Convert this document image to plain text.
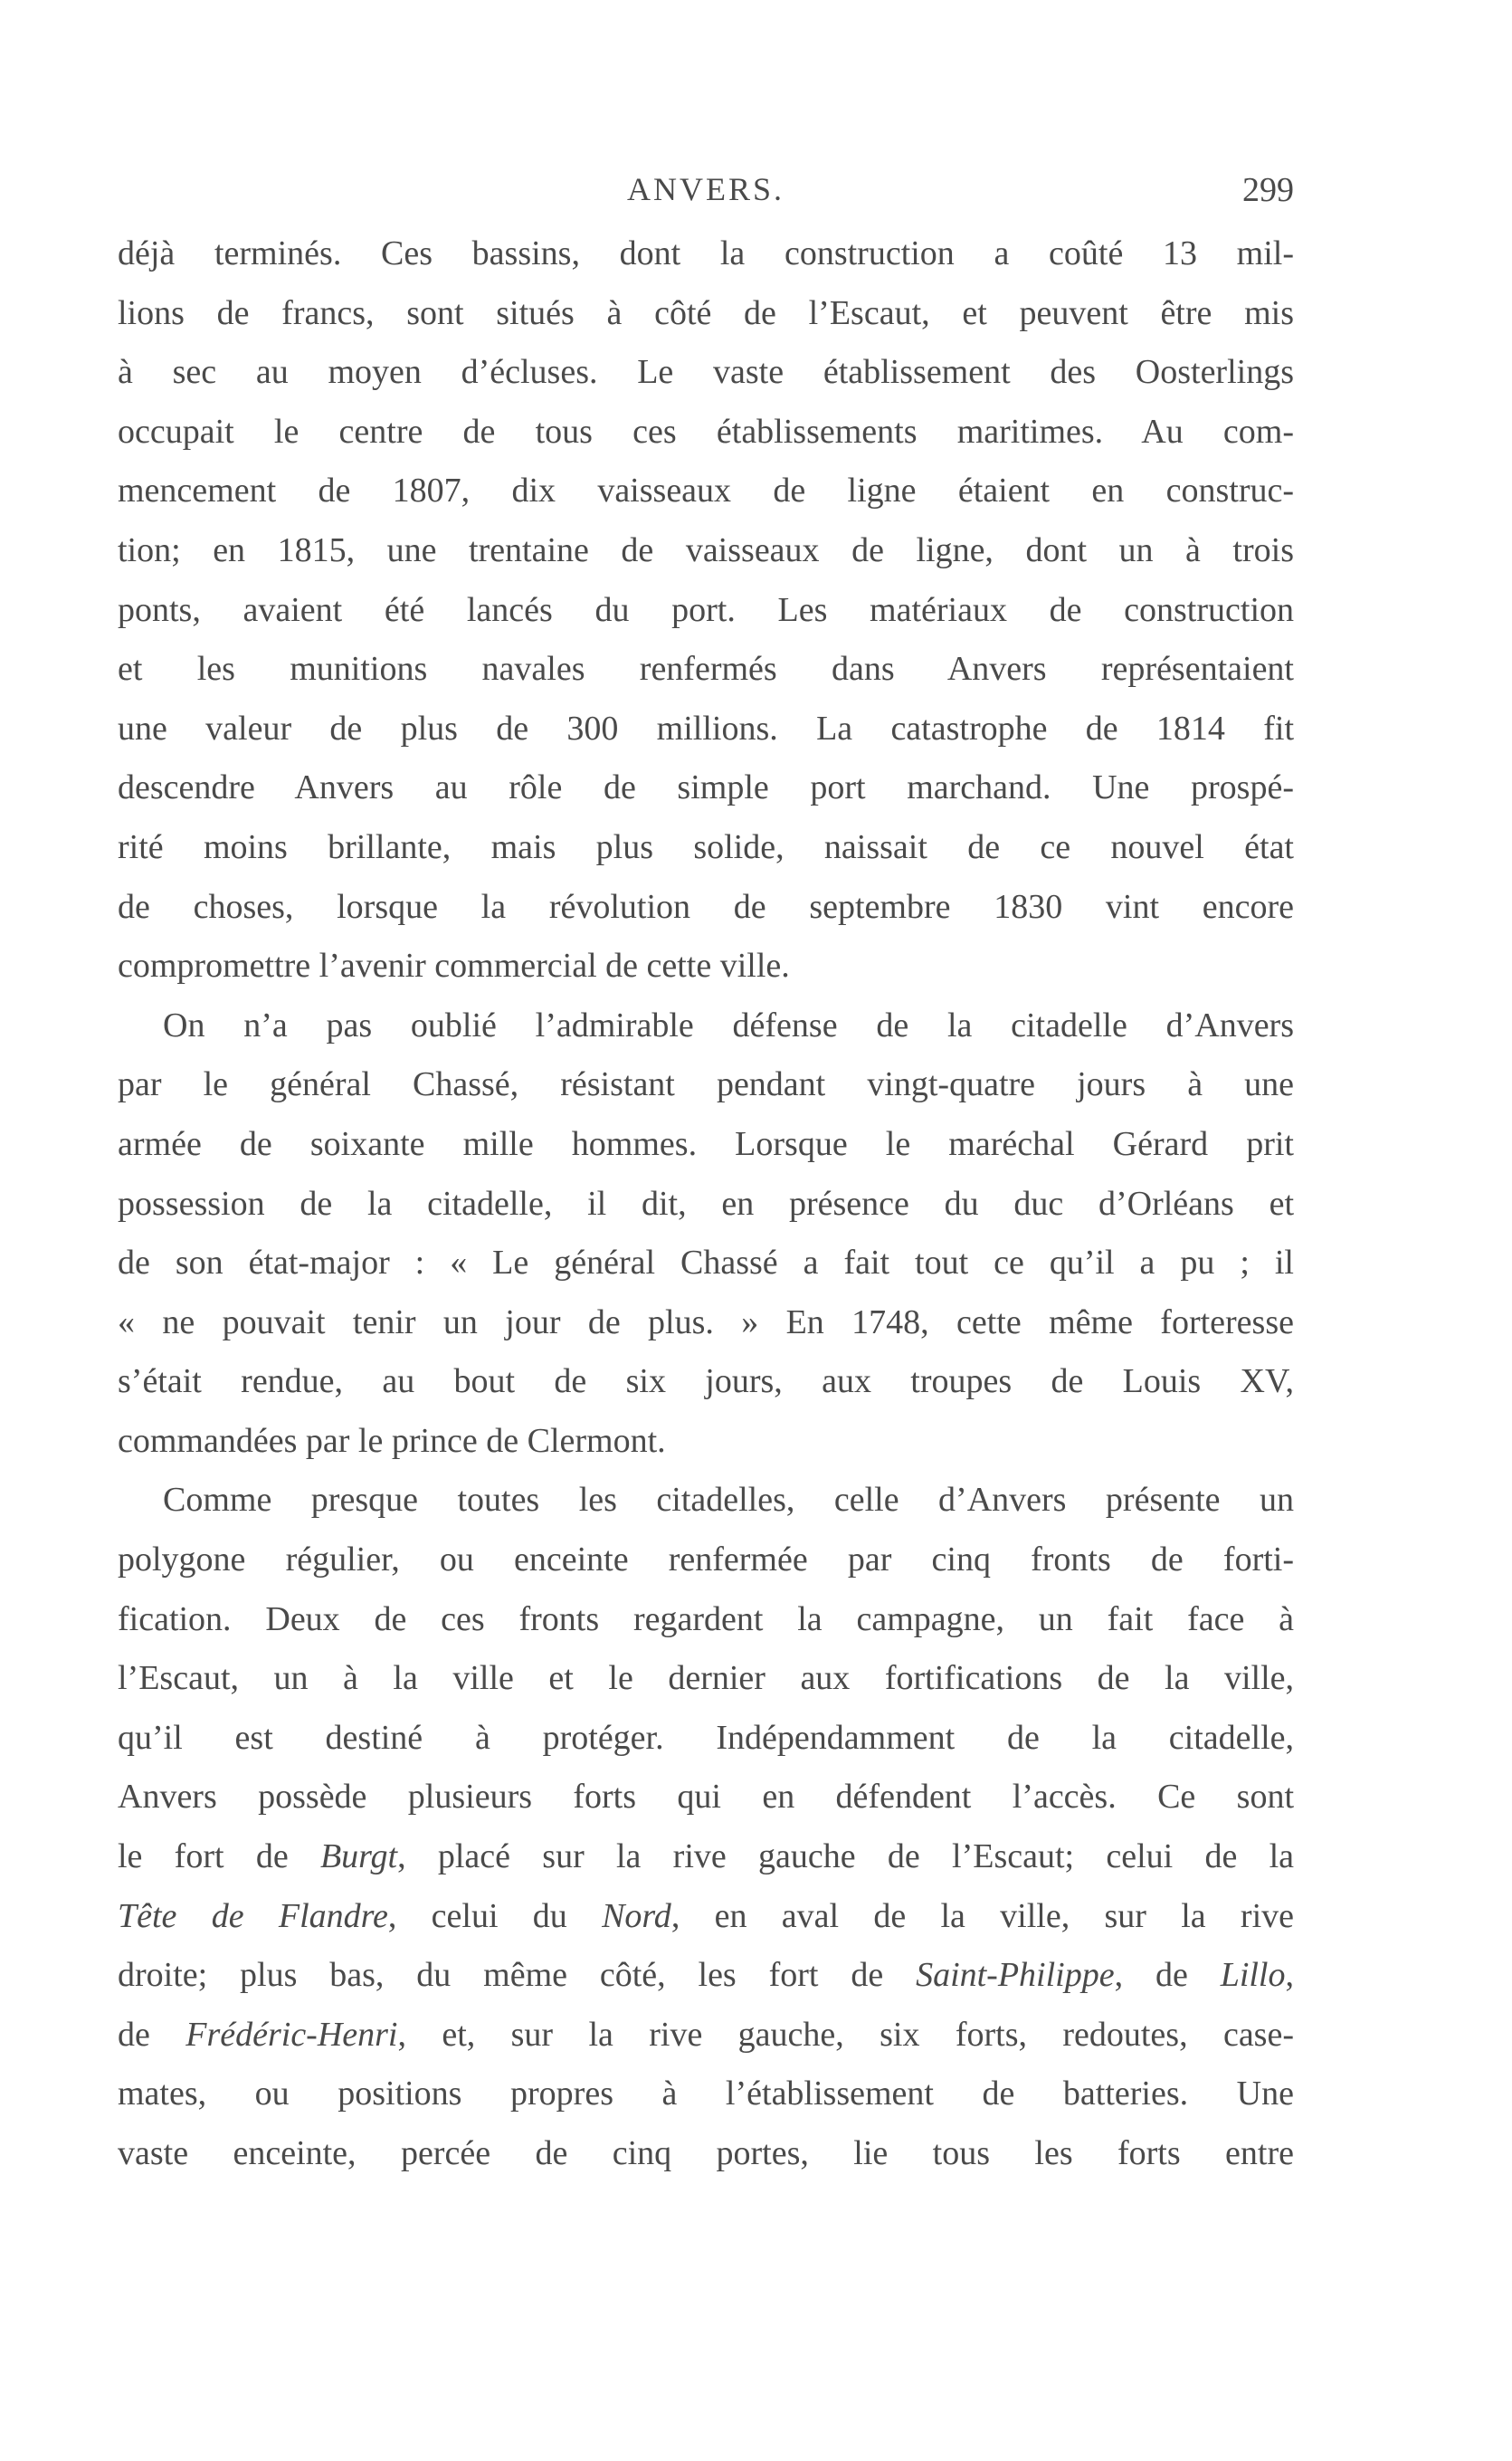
ANVERS.	299
déjà terminés. Ces bassins, dont la construction a coûté 13 mil-
lions de francs, sont situés à côté de l’Escaut, et peuvent être mis
à sec au moyen d’écluses. Le vaste établissement des Oosterlings
occupait le centre de tous ces établissements maritimes. Au com-
mencement de 1807, dix vaisseaux de ligne étaient en construc-
tion; en 1815, une trentaine de vaisseaux de ligne, dont un à trois
ponts, avaient été lancés du port. Les matériaux de construction
et les munitions navales renfermés dans Anvers représentaient
une valeur de plus de 300 millions. La catastrophe de 1814 fit
descendre Anvers au rôle de simple port marchand. Une prospé-
rité moins brillante, mais plus solide, naissait de ce nouvel état
de choses, lorsque la révolution de septembre 1830 vint encore
compromettre l’avenir commercial de cette ville.
On n’a pas oublié l’admirable défense de la citadelle d’Anvers
par le général Chassé, résistant pendant vingt-quatre jours à une
armée de soixante mille hommes. Lorsque le maréchal Gérard prit
possession de la citadelle, il dit, en présence du duc d’Orléans et
de son état-major : « Le général Chassé a fait tout ce qu’il a pu ; il
« ne pouvait tenir un jour de plus. » En 1748, cette même forteresse
s’était rendue, au bout de six jours, aux troupes de Louis XV,
commandées par le prince de Clermont.
Comme presque toutes les citadelles, celle d’Anvers présente un
polygone régulier, ou enceinte renfermée par cinq fronts de forti-
fication. Deux de ces fronts regardent la campagne, un fait face à
l’Escaut, un à la ville et le dernier aux fortifications de la ville,
qu’il est destiné à protéger. Indépendamment de la citadelle,
Anvers possède plusieurs forts qui en défendent l’accès. Ce sont
le fort de Burgt, placé sur la rive gauche de l’Escaut; celui de la
Tête de Flandre, celui du Nord, en aval de la ville, sur la rive
droite; plus bas, du même côté, les fort de Saint-Philippe, de Lillo,
de Frédéric-Henri, et, sur la rive gauche, six forts, redoutes, case-
mates, ou positions propres à l’établissement de batteries. Une
vaste enceinte, percée de cinq portes, lie tous les forts entre
